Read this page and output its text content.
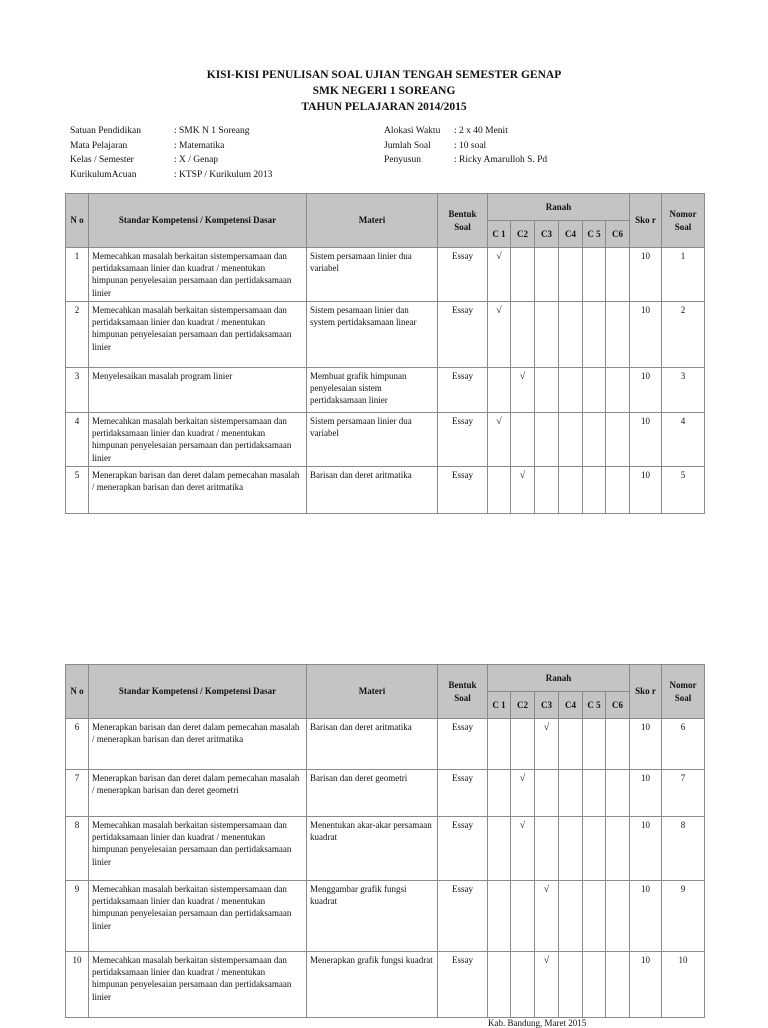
KISI-KISI PENULISAN SOAL UJIAN TENGAH SEMESTER GENAP
SMK NEGERI 1 SOREANG
TAHUN PELAJARAN 2014/2015
Satuan Pendidikan	: SMK N 1 Soreang
Mata Pelajaran	: Matematika
Kelas / Semester	: X / Genap
KurikulumAcuan	: KTSP / Kurikulum 2013
Alokasi Waktu	: 2 x 40 Menit
Jumlah Soal	: 10 soal
Penyusun	: Ricky Amarulloh S. Pd
N o	Standar Kompetensi / Kompetensi Dasar	Materi	Bentuk Soal	Ranah						Sko r	Nomor Soal
				C 1	C2	C3	C4	C 5	C6		
1	Memecahkan masalah berkaitan sistempersamaan dan pertidaksamaan linier dan kuadrat / menentukan himpunan penyelesaian persamaan dan pertidaksamaan linier	Sistem persamaan linier dua variabel	Essay	√						10	1
2	Memecahkan masalah berkaitan sistempersamaan dan pertidaksamaan linier dan kuadrat / menentukan himpunan penyelesaian persamaan dan pertidaksamaan linier	Sistem pesamaan linier dan system pertidaksamaan linear	Essay	√						10	2
3	Menyelesaikan masalah program linier	Membuat grafik himpunan penyelesaian sistem pertidaksamaan linier	Essay		√					10	3
4	Memecahkan masalah berkaitan sistempersamaan dan pertidaksamaan linier dan kuadrat / menentukan himpunan penyelesaian persamaan dan pertidaksamaan linier	Sistem persamaan linier dua variabel	Essay	√						10	4
5	Menerapkan barisan dan deret dalam pemecahan masalah / menerapkan barisan dan deret aritmatika	Barisan dan deret aritmatika	Essay		√					10	5
N o	Standar Kompetensi / Kompetensi Dasar	Materi	Bentuk Soal	Ranah						Sko r	Nomor Soal
				C 1	C2	C3	C4	C 5	C6		
6	Menerapkan barisan dan deret dalam pemecahan masalah / menerapkan barisan dan deret aritmatika	Barisan dan deret aritmatika	Essay			√				10	6
7	Menerapkan barisan dan deret dalam pemecahan masalah / menerapkan barisan dan deret geometri	Barisan dan deret geometri	Essay		√					10	7
8	Memecahkan masalah berkaitan sistempersamaan dan pertidaksamaan linier dan kuadrat / menentukan himpunan penyelesaian persamaan dan pertidaksamaan linier	Menentukan akar-akar persamaan kuadrat	Essay		√					10	8
9	Memecahkan masalah berkaitan sistempersamaan dan pertidaksamaan linier dan kuadrat / menentukan himpunan penyelesaian persamaan dan pertidaksamaan linier	Menggambar grafik fungsi kuadrat	Essay			√				10	9
10	Memecahkan masalah berkaitan sistempersamaan dan pertidaksamaan linier dan kuadrat / menentukan himpunan penyelesaian persamaan dan pertidaksamaan linier	Menerapkan grafik fungsi kuadrat	Essay			√				10	10
Kab. Bandung, Maret 2015
